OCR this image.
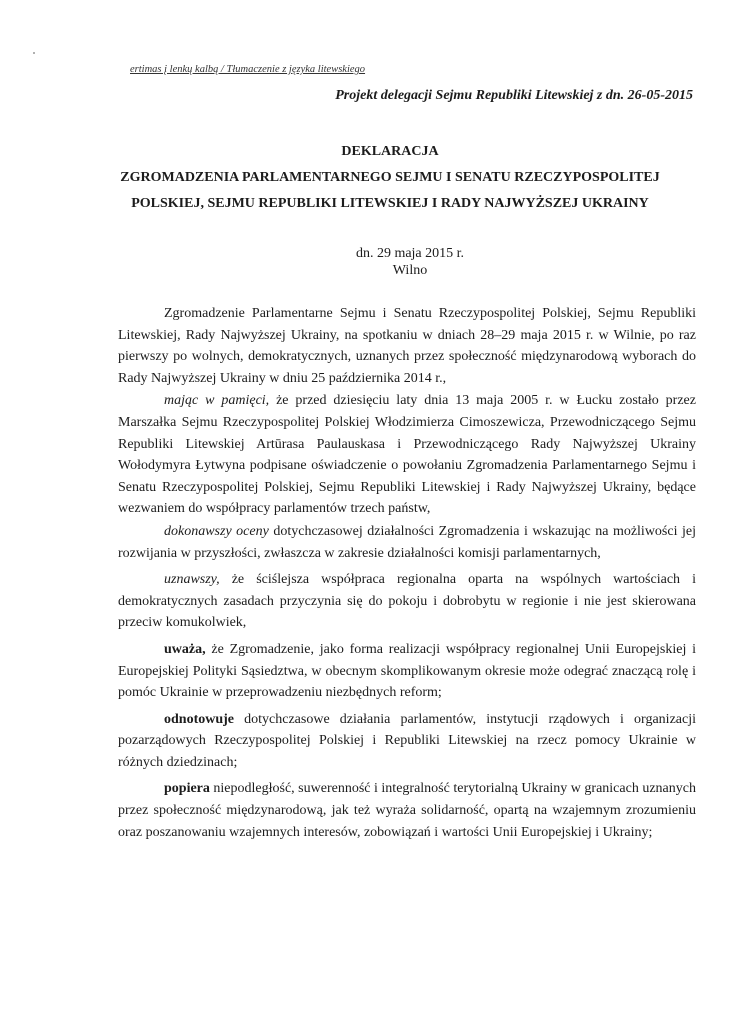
ertimas į lenkų kalbą / Tłumaczenie z języka litewskiego
Projekt delegacji Sejmu Republiki Litewskiej z dn. 26-05-2015
DEKLARACJA
ZGROMADZENIA PARLAMENTARNEGO SEJMU I SENATU RZECZYPOSPOLITEJ
POLSKIEJ, SEJMU REPUBLIKI LITEWSKIEJ I RADY NAJWYŻSZEJ UKRAINY
dn. 29 maja 2015 r.
Wilno

Zgromadzenie Parlamentarne Sejmu i Senatu Rzeczypospolitej Polskiej, Sejmu Republiki Litewskiej, Rady Najwyższej Ukrainy, na spotkaniu w dniach 28–29 maja 2015 r. w Wilnie, po raz pierwszy po wolnych, demokratycznych, uznanych przez społeczność międzynarodową wyborach do Rady Najwyższej Ukrainy w dniu 25 października 2014 r.,

mając w pamięci, że przed dziesięciu laty dnia 13 maja 2005 r. w Łucku zostało przez Marszałka Sejmu Rzeczypospolitej Polskiej Włodzimierza Cimoszewicza, Przewodniczącego Sejmu Republiki Litewskiej Artūrasa Paulauskasa i Przewodniczącego Rady Najwyższej Ukrainy Wołodymyra Łytwyna podpisane oświadczenie o powołaniu Zgromadzenia Parlamentarnego Sejmu i Senatu Rzeczypospolitej Polskiej, Sejmu Republiki Litewskiej i Rady Najwyższej Ukrainy, będące wezwaniem do współpracy parlamentów trzech państw,

dokonawszy oceny dotychczasowej działalności Zgromadzenia i wskazując na możliwości jej rozwijania w przyszłości, zwłaszcza w zakresie działalności komisji parlamentarnych,

uznawszy, że ściślejsza współpraca regionalna oparta na wspólnych wartościach i demokratycznych zasadach przyczynia się do pokoju i dobrobytu w regionie i nie jest skierowana przeciw komukolwiek,

uważa, że Zgromadzenie, jako forma realizacji współpracy regionalnej Unii Europejskiej i Europejskiej Polityki Sąsiedztwa, w obecnym skomplikowanym okresie może odegrać znaczącą rolę i pomóc Ukrainie w przeprowadzeniu niezbędnych reform;

odnotowuje dotychczasowe działania parlamentów, instytucji rządowych i organizacji pozarządowych Rzeczypospolitej Polskiej i Republiki Litewskiej na rzecz pomocy Ukrainie w różnych dziedzinach;

popiera niepodległość, suwerenność i integralność terytorialną Ukrainy w granicach uznanych przez społeczność międzynarodową, jak też wyraża solidarność, opartą na wzajemnym zrozumieniu oraz poszanowaniu wzajemnych interesów, zobowiązań i wartości Unii Europejskiej i Ukrainy;
